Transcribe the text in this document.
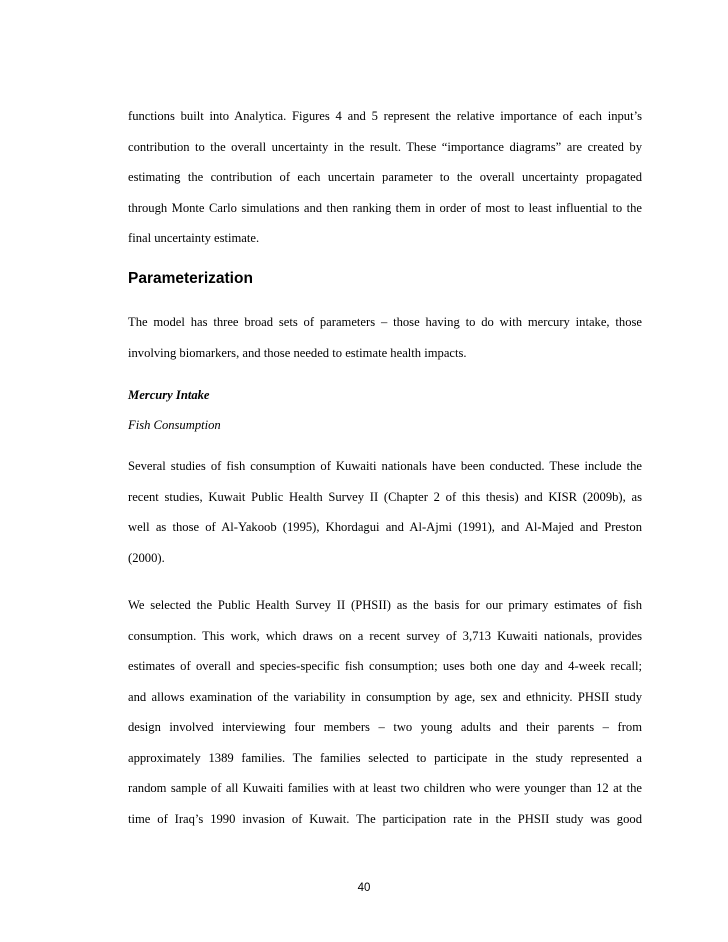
functions built into Analytica. Figures 4 and 5 represent the relative importance of each input’s
contribution to the overall uncertainty in the result. These “importance diagrams” are created by
estimating the contribution of each uncertain parameter to the overall uncertainty propagated
through Monte Carlo simulations and then ranking them in order of most to least influential to the
final uncertainty estimate.
Parameterization
The model has three broad sets of parameters – those having to do with mercury intake, those
involving biomarkers, and those needed to estimate health impacts.
Mercury Intake
Fish Consumption
Several studies of fish consumption of Kuwaiti nationals have been conducted. These include the
recent studies, Kuwait Public Health Survey II (Chapter 2 of this thesis) and KISR (2009b), as
well as those of Al-Yakoob (1995), Khordagui and Al-Ajmi (1991), and Al-Majed and Preston
(2000).
We selected the Public Health Survey II (PHSII) as the basis for our primary estimates of fish
consumption. This work, which draws on a recent survey of 3,713 Kuwaiti nationals, provides
estimates of overall and species-specific fish consumption; uses both one day and 4-week recall;
and allows examination of the variability in consumption by age, sex and ethnicity. PHSII study
design involved interviewing four members – two young adults and their parents – from
approximately 1389 families. The families selected to participate in the study represented a
random sample of all Kuwaiti families with at least two children who were younger than 12 at the
time of Iraq’s 1990 invasion of Kuwait. The participation rate in the PHSII study was good
40
